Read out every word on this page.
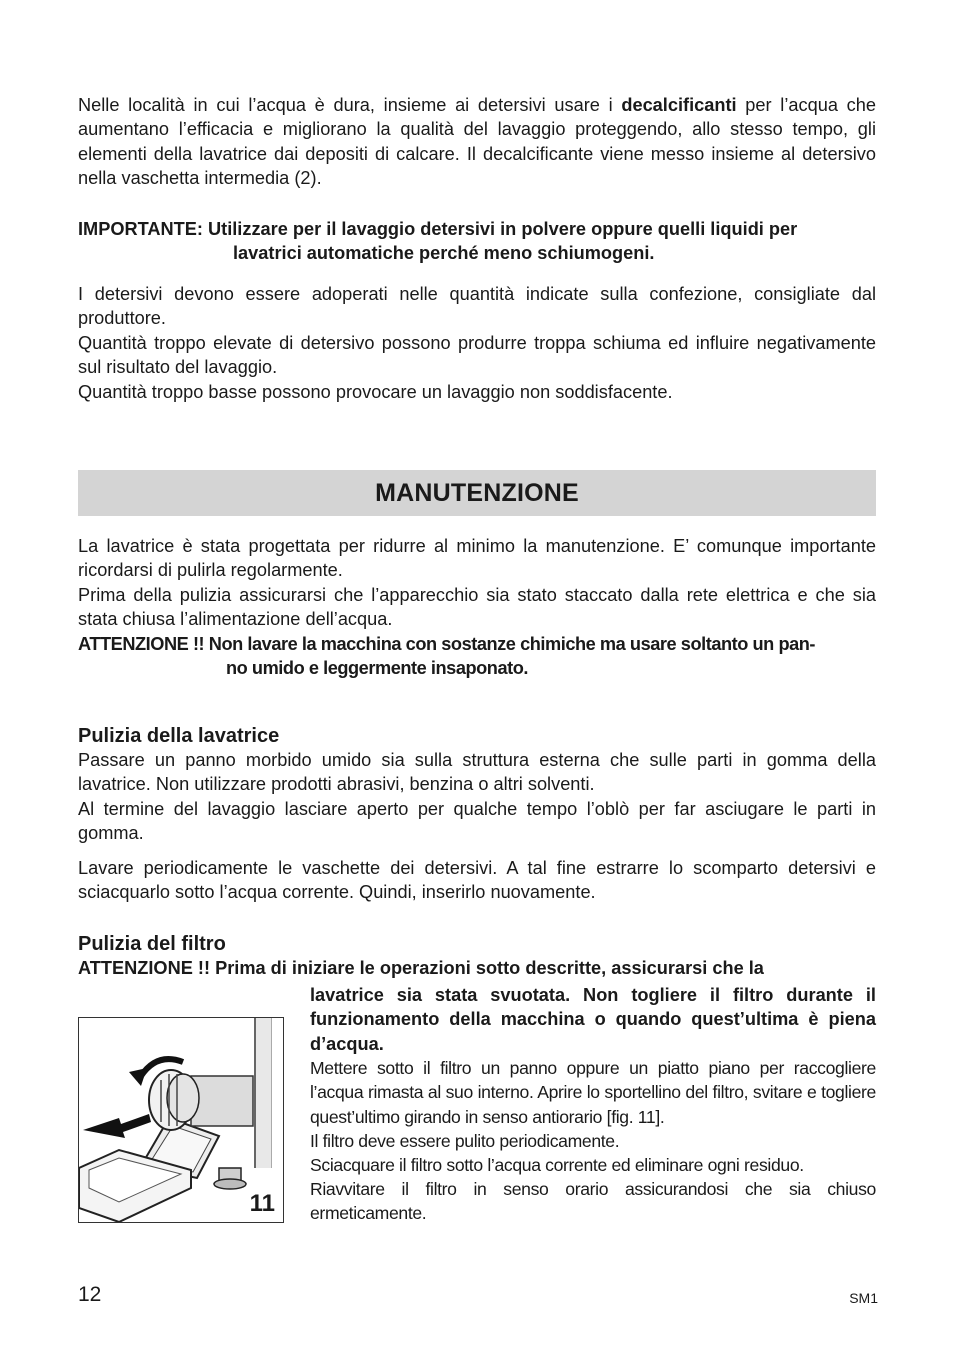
Nelle località in cui l’acqua è dura, insieme ai detersivi usare i decalcificanti per l’acqua che aumentano l’efficacia e migliorano la qualità del lavaggio proteggendo, allo stesso tempo, gli elementi della lavatrice dai depositi di calcare. Il decalcificante viene messo insieme al detersivo nella vaschetta intermedia (2).

IMPORTANTE: Utilizzare per il lavaggio detersivi in polvere oppure quelli liquidi per
lavatrici automatiche perché meno schiumogeni.

I detersivi devono essere adoperati nelle quantità indicate sulla confezione, consigliate dal produttore.

Quantità troppo elevate di detersivo possono produrre troppa schiuma ed influire negativamente sul risultato del lavaggio.

Quantità troppo basse possono provocare un lavaggio non soddisfacente.

MANUTENZIONE

La lavatrice è stata progettata per ridurre al minimo la manutenzione. E’ comunque importante ricordarsi di pulirla regolarmente.

Prima della pulizia assicurarsi che l’apparecchio sia stato staccato dalla rete elettrica e che sia stata chiusa l’alimentazione dell’acqua.

ATTENZIONE !! Non lavare la macchina con sostanze chimiche ma usare soltanto un pan-
no umido e leggermente insaponato.
Pulizia della lavatrice

Passare un panno morbido umido sia sulla struttura esterna che sulle parti in gomma della lavatrice. Non utilizzare prodotti abrasivi, benzina o altri solventi.

Al termine del lavaggio lasciare aperto per qualche tempo l’oblò per far asciugare le parti in gomma.

Lavare periodicamente le vaschette dei detersivi. A tal fine estrarre lo scomparto detersivi e sciacquarlo sotto l’acqua corrente. Quindi, inserirlo nuovamente.

Pulizia del filtro
ATTENZIONE !! Prima di iniziare le operazioni sotto descritte, assicurarsi che la

lavatrice sia stata svuotata. Non togliere il filtro durante il funzionamento della macchina o quando quest’ultima è piena d’acqua.

Mettere sotto il filtro un panno oppure un piatto piano per raccogliere l’acqua rimasta al suo interno. Aprire lo sportellino del filtro, svitare e togliere quest’ultimo girando in senso antiorario [fig. 11].

Il filtro deve essere pulito periodicamente.

Sciacquare il filtro sotto l’acqua corrente ed eliminare ogni residuo.

Riavvitare il filtro in senso orario assicurandosi che sia chiuso ermeticamente.

11
12	SM1
